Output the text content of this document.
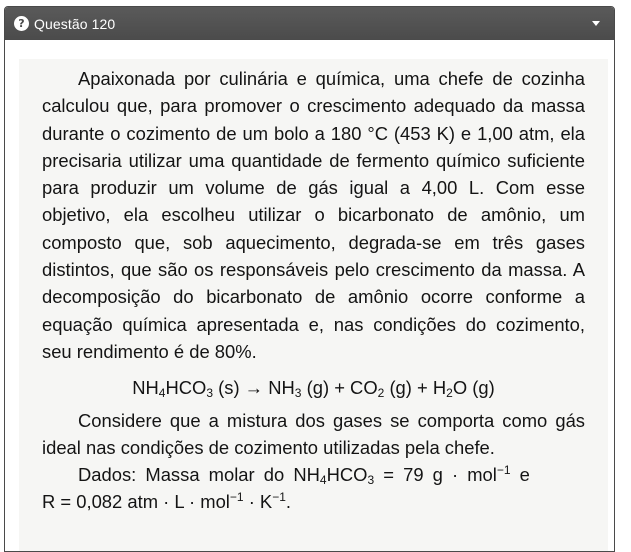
? Questão 120

Apaixonada por culinária e química, uma chefe de cozinha calculou que, para promover o crescimento adequado da massa durante o cozimento de um bolo a 180 °C (453 K) e 1,00 atm, ela precisaria utilizar uma quantidade de fermento químico suficiente para produzir um volume de gás igual a 4,00 L. Com esse objetivo, ela escolheu utilizar o bicarbonato de amônio, um composto que, sob aquecimento, degrada-se em três gases distintos, que são os responsáveis pelo crescimento da massa. A decomposição do bicarbonato de amônio ocorre conforme a equação química apresentada e, nas condições do cozimento, seu rendimento é de 80%.

$NH_4HCO_3$ $(s) \to NH_3$ $(g) + CO_2$ $(g) + H_2O$ (g)

Considere que a mistura dos gases se comporta como gás ideal nas condições de cozimento utilizadas pela chefe.

Dados: Massa molar do $NH_4HCO_3 = 79$ g · mol$^{-1}$ e

R = 0,082 atm · $L \cdot mol^{-1} \cdot K^{-1}$.
